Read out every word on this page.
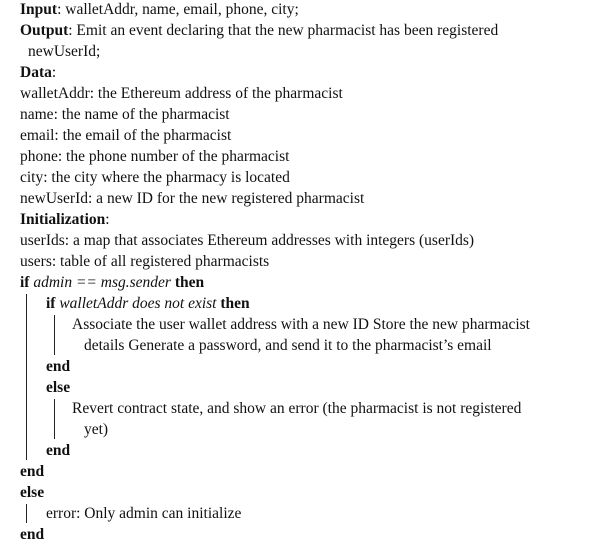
Input: walletAddr, name, email, phone, city;
Output: Emit an event declaring that the new pharmacist has been registered
newUserId;
Data:
walletAddr: the Ethereum address of the pharmacist
name: the name of the pharmacist
email: the email of the pharmacist
phone: the phone number of the pharmacist
city: the city where the pharmacy is located
newUserId: a new ID for the new registered pharmacist
Initialization:
userIds: a map that associates Ethereum addresses with integers (userIds)
users: table of all registered pharmacists
if admin == msg.sender then
if walletAddr does not exist then
Associate the user wallet address with a new ID Store the new pharmacist
details Generate a password, and send it to the pharmacist’s email
end
else
Revert contract state, and show an error (the pharmacist is not registered
yet)
end
end
else
error: Only admin can initialize
end
